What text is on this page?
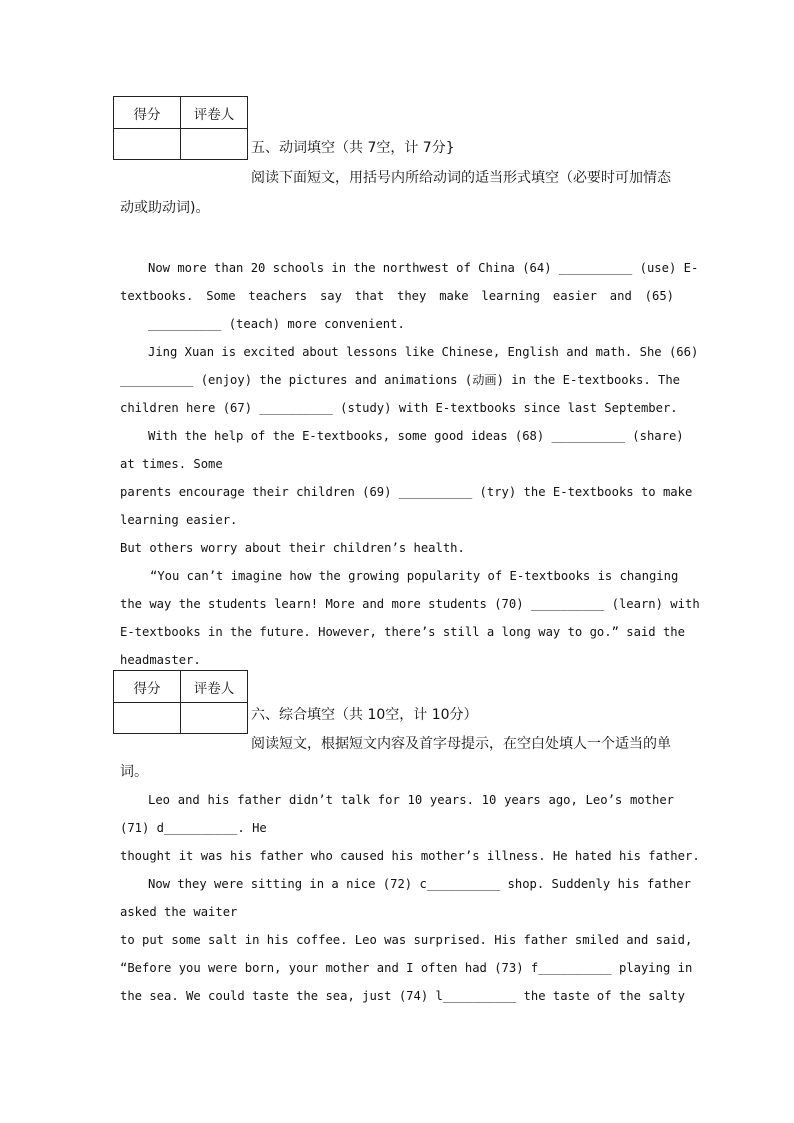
得分	评卷人

五、动词填空（共 7空，计 7分}
阅读下面短文，用括号内所给动词的适当形式填空（必要时可加情态
动或助动词)。
Now more than 20 schools in the northwest of China (64) __________ (use) E-
textbooks. Some teachers say that they make learning easier and (65)
__________ (teach) more convenient.
Jing Xuan is excited about lessons like Chinese, English and math. She (66)
__________ (enjoy) the pictures and animations (动画) in the E-textbooks. The
children here (67) __________ (study) with E-textbooks since last September.
With the help of the E-textbooks, some good ideas (68) __________ (share)
at times. Some
parents encourage their children (69) __________ (try) the E-textbooks to make
learning easier.
But others worry about their children’s health.
“You can’t imagine how the growing popularity of E-textbooks is changing
the way the students learn! More and more students (70) __________ (learn) with
E-textbooks in the future. However, there’s still a long way to go.” said the
headmaster.
得分	评卷人

六、综合填空（共 10空，计 10分）
阅读短文，根据短文内容及首字母提示，在空白处填人一个适当的单
词。
Leo and his father didn’t talk for 10 years. 10 years ago, Leo’s mother
(71) d__________. He
thought it was his father who caused his mother’s illness. He hated his father.
Now they were sitting in a nice (72) c__________ shop. Suddenly his father
asked the waiter
to put some salt in his coffee. Leo was surprised. His father smiled and said,
“Before you were born, your mother and I often had (73) f__________ playing in
the sea. We could taste the sea, just (74) l__________ the taste of the salty
